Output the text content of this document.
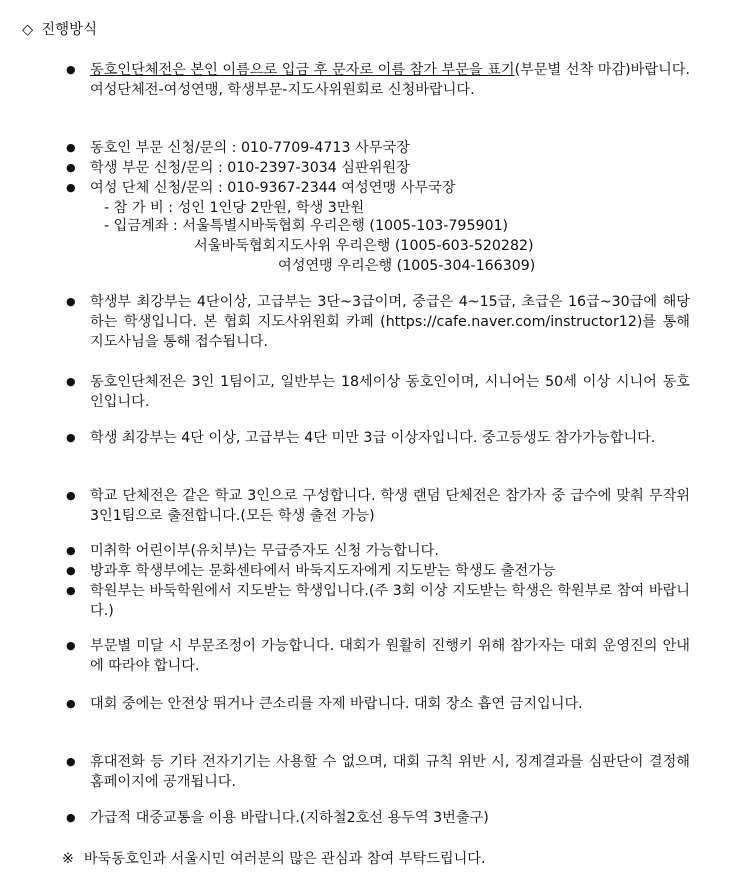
◇ 진행방식
● 동호인단체전은 본인 이름으로 입금 후 문자로 이름 참가 부문을 표기(부문별 선착 마감)바랍니다. 여성단체전-여성연맹, 학생부문-지도사위원회로 신청바랍니다.
● 동호인 부문 신청/문의 : 010-7709-4713 사무국장
● 학생 부문 신청/문의 : 010-2397-3034 심판위원장
● 여성 단체 신청/문의 : 010-9367-2344 여성연맹 사무국장
- 참 가 비 : 성인 1인당 2만원, 학생 3만원
- 입금계좌 : 서울특별시바둑협회 우리은행 (1005-103-795901)
서울바둑협회지도사위 우리은행 (1005-603-520282)
여성연맹 우리은행 (1005-304-166309)
● 학생부 최강부는 4단이상, 고급부는 3단~3급이며, 중급은 4~15급, 초급은 16급~30급에 해당하는 학생입니다. 본 협회 지도사위원회 카페 (https://cafe.naver.com/instructor12)를 통해 지도사님을 통해 접수됩니다.
● 동호인단체전은 3인 1팀이고, 일반부는 18세이상 동호인이며, 시니어는 50세 이상 시니어 동호인입니다.
● 학생 최강부는 4단 이상, 고급부는 4단 미만 3급 이상자입니다. 중고등생도 참가가능합니다.
● 학교 단체전은 같은 학교 3인으로 구성합니다. 학생 랜덤 단체전은 참가자 중 급수에 맞춰 무작위 3인1팀으로 출전합니다.(모든 학생 출전 가능)
● 미취학 어린이부(유치부)는 무급증자도 신청 가능합니다.
● 방과후 학생부에는 문화센타에서 바둑지도자에게 지도받는 학생도 출전가능
● 학원부는 바둑학원에서 지도받는 학생입니다.(주 3회 이상 지도받는 학생은 학원부로 참여 바랍니다.)
● 부문별 미달 시 부문조정이 가능합니다. 대회가 원활히 진행키 위해 참가자는 대회 운영진의 안내에 따라야 합니다.
● 대회 중에는 안전상 뛰거나 큰소리를 자제 바랍니다. 대회 장소 흡연 금지입니다.
● 휴대전화 등 기타 전자기기는 사용할 수 없으며, 대회 규칙 위반 시, 징계결과를 심판단이 결정해 홈페이지에 공개됩니다.
● 가급적 대중교통을 이용 바랍니다.(지하철2호선 용두역 3번출구)
※ 바둑동호인과 서울시민 여러분의 많은 관심과 참여 부탁드립니다.
